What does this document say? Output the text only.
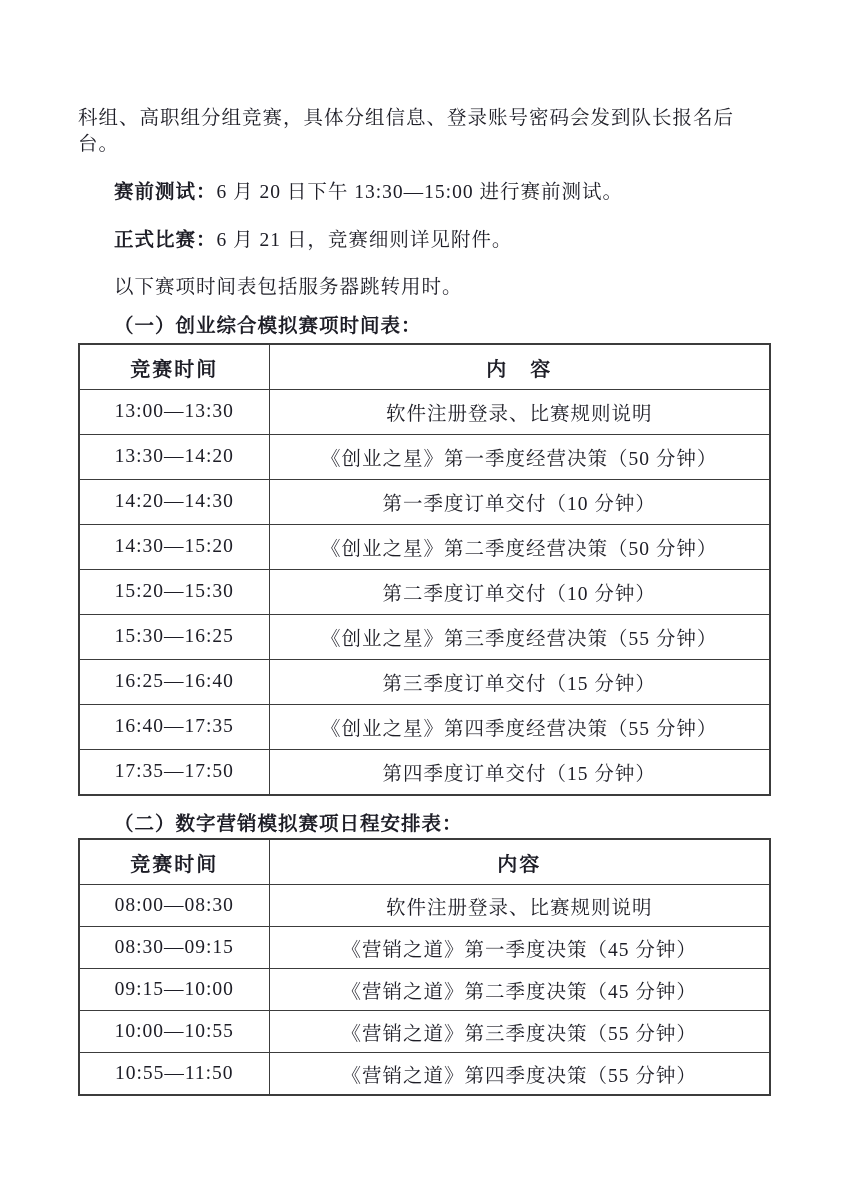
科组、高职组分组竞赛，具体分组信息、登录账号密码会发到队长报名后台。

赛前测试：6 月 20 日下午 13:30—15:00 进行赛前测试。

正式比赛：6 月 21 日，竞赛细则详见附件。

以下赛项时间表包括服务器跳转用时。

（一）创业综合模拟赛项时间表：

竞赛时间	内　容
13:00—13:30	软件注册登录、比赛规则说明
13:30—14:20	《创业之星》第一季度经营决策（50 分钟）
14:20—14:30	第一季度订单交付（10 分钟）
14:30—15:20	《创业之星》第二季度经营决策（50 分钟）
15:20—15:30	第二季度订单交付（10 分钟）
15:30—16:25	《创业之星》第三季度经营决策（55 分钟）
16:25—16:40	第三季度订单交付（15 分钟）
16:40—17:35	《创业之星》第四季度经营决策（55 分钟）
17:35—17:50	第四季度订单交付（15 分钟）

（二）数字营销模拟赛项日程安排表：

竞赛时间	内容
08:00—08:30	软件注册登录、比赛规则说明
08:30—09:15	《营销之道》第一季度决策（45 分钟）
09:15—10:00	《营销之道》第二季度决策（45 分钟）
10:00—10:55	《营销之道》第三季度决策（55 分钟）
10:55—11:50	《营销之道》第四季度决策（55 分钟）
